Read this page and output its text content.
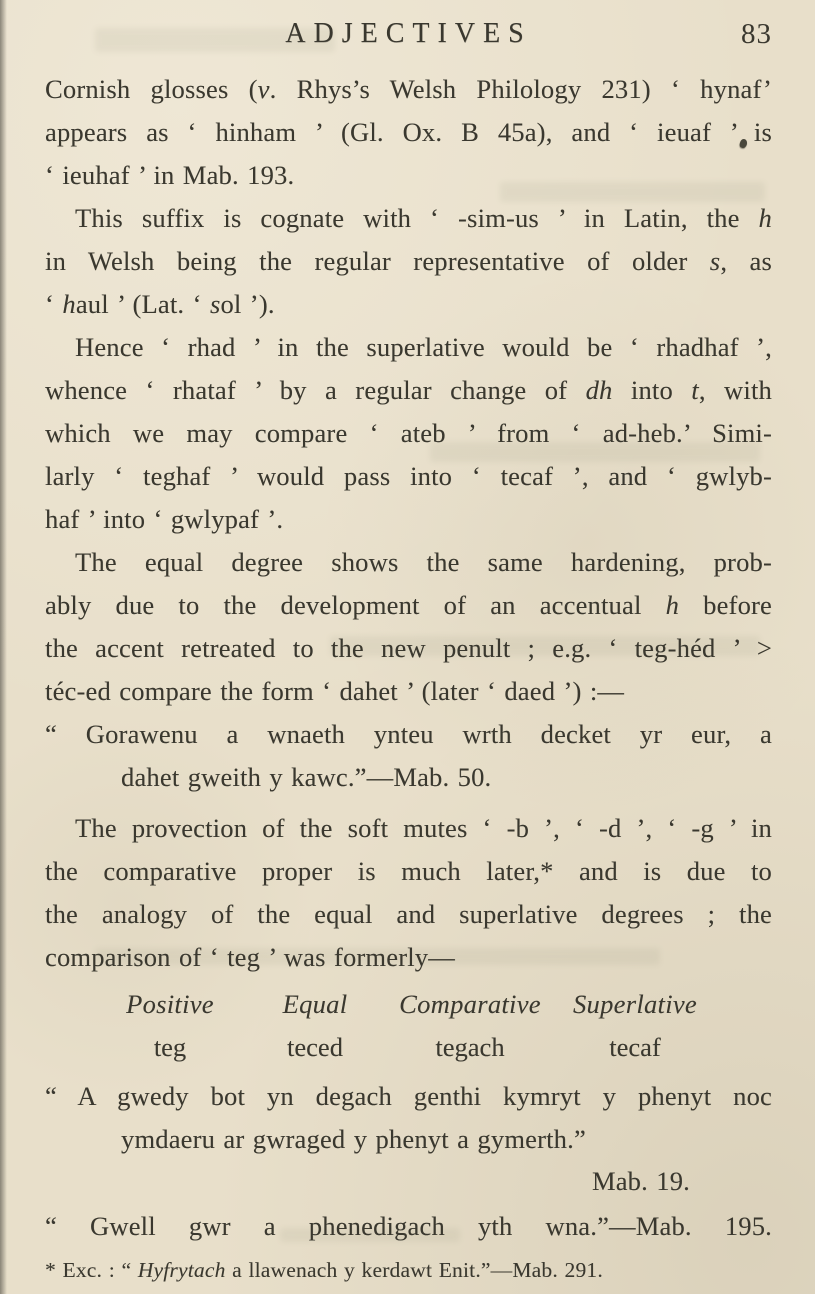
ADJECTIVES	83
Cornish glosses (v. Rhys’s Welsh Philology 231) ‘ hynaf’
appears as ‘ hinham ’ (Gl. Ox. B 45a), and ‘ ieuaf ’ is
‘ ieuhaf ’ in Mab. 193.
This suffix is cognate with ‘ -sim-us ’ in Latin, the h
in Welsh being the regular representative of older s, as
‘ haul ’ (Lat. ‘ sol ’).
Hence ‘ rhad ’ in the superlative would be ‘ rhadhaf ’,
whence ‘ rhataf ’ by a regular change of dh into t, with
which we may compare ‘ ateb ’ from ‘ ad-heb.’ Simi-
larly ‘ teghaf ’ would pass into ‘ tecaf ’, and ‘ gwlyb-
haf ’ into ‘ gwlypaf ’.
The equal degree shows the same hardening, prob-
ably due to the development of an accentual h before
the accent retreated to the new penult ; e.g. ‘ teg-héd ’ >
téc-ed compare the form ‘ dahet ’ (later ‘ daed ’) :—
“ Gorawenu a wnaeth ynteu wrth decket yr eur, a
dahet gweith y kawc.”—Mab. 50.
The provection of the soft mutes ‘ -b ’, ‘ -d ’, ‘ -g ’ in
the comparative proper is much later,* and is due to
the analogy of the equal and superlative degrees ; the
comparison of ‘ teg ’ was formerly—
Positive	Equal	Comparative	Superlative
teg	teced	tegach	tecaf
“ A gwedy bot yn degach genthi kymryt y phenyt noc
ymdaeru ar gwraged y phenyt a gymerth.”
Mab. 19.
“ Gwell gwr a phenedigach yth wna.”—Mab. 195.
* Exc. : “ Hyfrytach a llawenach y kerdawt Enit.”—Mab. 291.
